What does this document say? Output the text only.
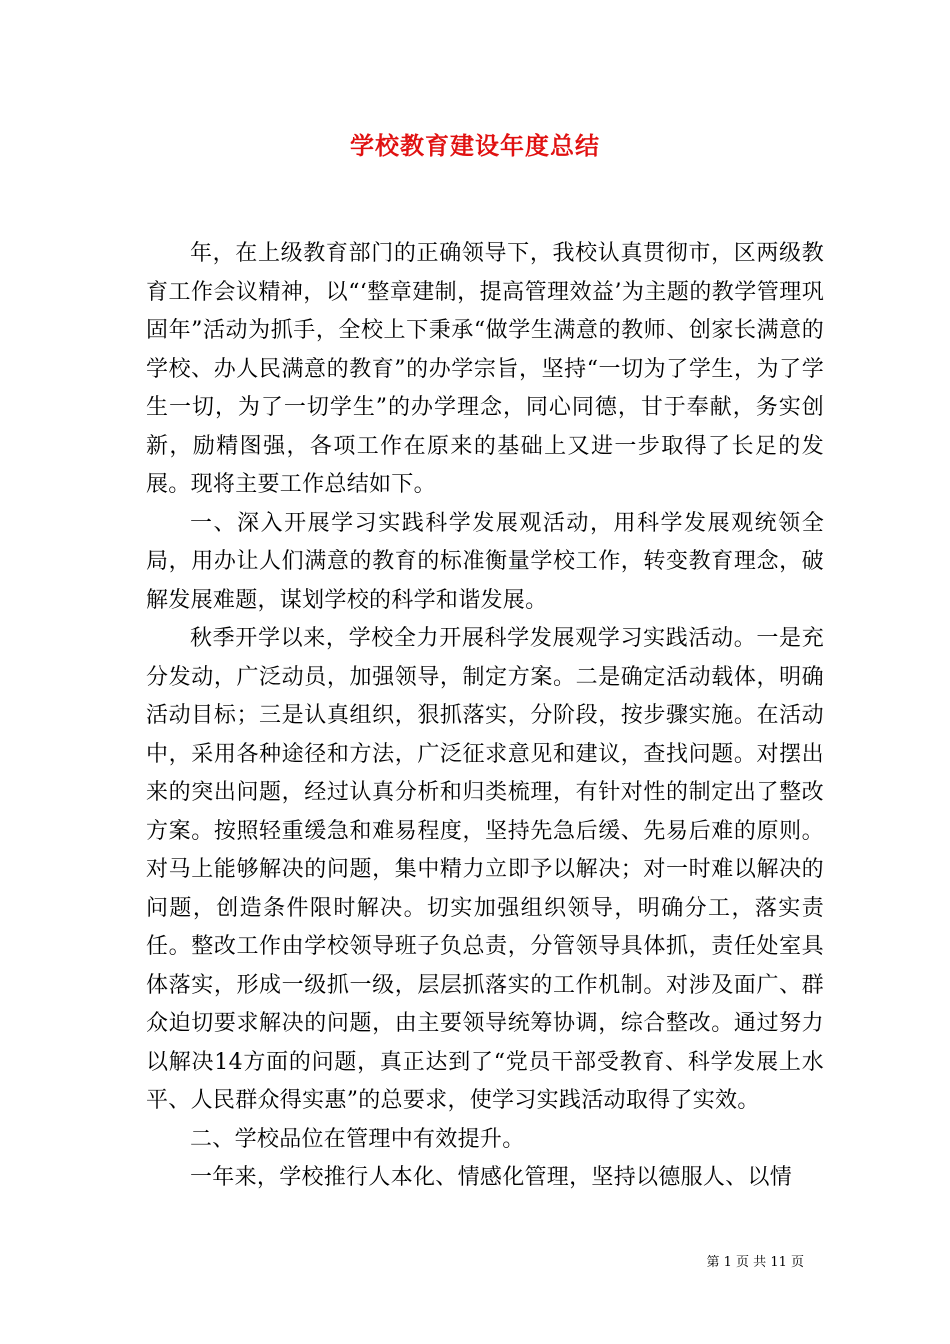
学校教育建设年度总结

年，在上级教育部门的正确领导下，我校认真贯彻市，区两级教育工作会议精神，以“‘整章建制，提高管理效益’为主题的教学管理巩固年”活动为抓手，全校上下秉承“做学生满意的教师、创家长满意的学校、办人民满意的教育”的办学宗旨，坚持“一切为了学生，为了学生一切，为了一切学生”的办学理念，同心同德，甘于奉献，务实创新，励精图强，各项工作在原来的基础上又进一步取得了长足的发展。现将主要工作总结如下。

一、深入开展学习实践科学发展观活动，用科学发展观统领全局，用办让人们满意的教育的标准衡量学校工作，转变教育理念，破解发展难题，谋划学校的科学和谐发展。

秋季开学以来，学校全力开展科学发展观学习实践活动。一是充分发动，广泛动员，加强领导，制定方案。二是确定活动载体，明确活动目标；三是认真组织，狠抓落实，分阶段，按步骤实施。在活动中，采用各种途径和方法，广泛征求意见和建议，查找问题。对摆出来的突出问题，经过认真分析和归类梳理，有针对性的制定出了整改方案。按照轻重缓急和难易程度，坚持先急后缓、先易后难的原则。对马上能够解决的问题，集中精力立即予以解决；对一时难以解决的问题，创造条件限时解决。切实加强组织领导，明确分工，落实责任。整改工作由学校领导班子负总责，分管领导具体抓，责任处室具体落实，形成一级抓一级，层层抓落实的工作机制。对涉及面广、群众迫切要求解决的问题，由主要领导统筹协调，综合整改。通过努力以解决14方面的问题，真正达到了“党员干部受教育、科学发展上水平、人民群众得实惠”的总要求，使学习实践活动取得了实效。

二、学校品位在管理中有效提升。

一年来，学校推行人本化、情感化管理，坚持以德服人、以情

第 1 页 共 11 页
